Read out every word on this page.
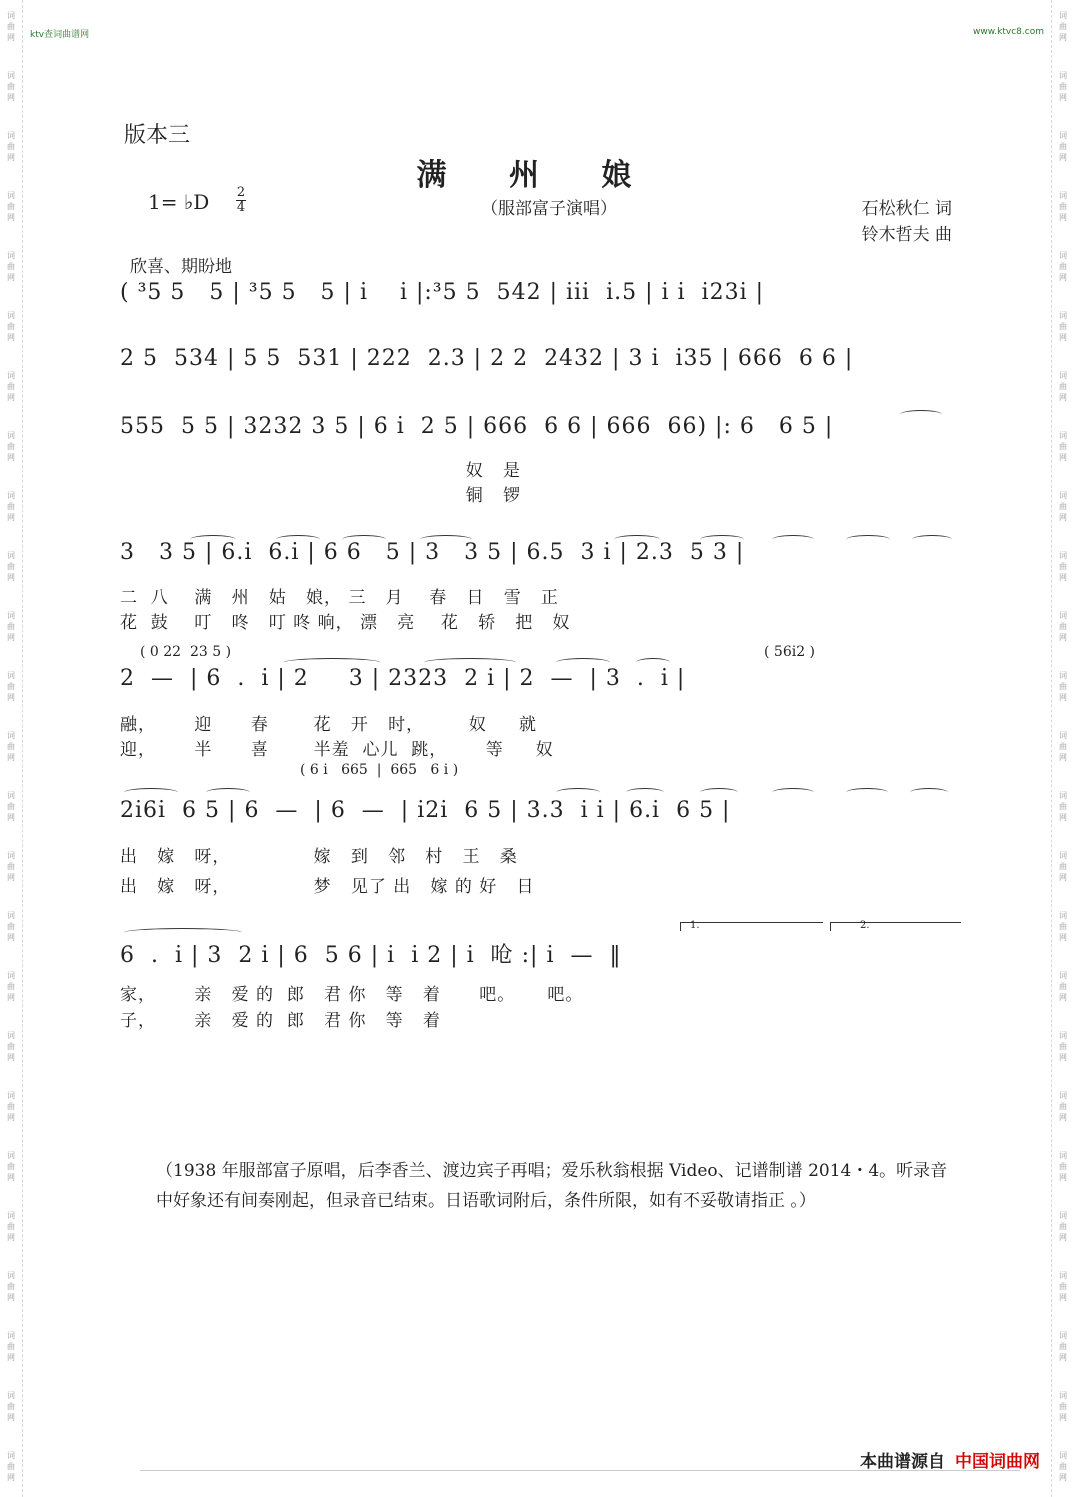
词
曲
网
词
曲
网
词
曲
网
词
曲
网
词
曲
网
词
曲
网
词
曲
网
词
曲
网
词
曲
网
词
曲
网
词
曲
网
词
曲
网
词
曲
网
词
曲
网
词
曲
网
词
曲
网
词
曲
网
词
曲
网
词
曲
网
词
曲
网
词
曲
网
词
曲
网
词
曲
网
词
曲
网
词
曲
网
词
曲
网
词
曲
网
词
曲
网
词
曲
网
词
曲
网
词
曲
网
词
曲
网
词
曲
网
词
曲
网
词
曲
网
词
曲
网
词
曲
网
词
曲
网
词
曲
网
词
曲
网
词
曲
网
词
曲
网
词
曲
网
词
曲
网
词
曲
网
词
曲
网
词
曲
网
词
曲
网
词
曲
网
词
曲
网
ktv查词曲谱网	www.ktvc8.com
版本三
满 州 娘
1= ♭D 2
4	（服部富子演唱）	石松秋仁 词
铃木哲夫 曲
欣喜、期盼地
( ³5 5   5 | ³5 5   5 | i̇    i̇ |:³5 5  542 | i̇i̇i̇  i̇.5 | i̇ i̇  i̇23i̇ |
2 5  534 | 5 5  531 | 222  2.3 | 2 2  2432 | 3 i̇  i̇35 | 666  6 6 |
555  5 5 | 3232 3 5 | 6 i̇  2 5 | 666  6 6 | 666  66) |: 6   6 5 |
奴   是
铜   锣
3   3 5 | 6.i̇  6.i̇ | 6 6   5 | 3   3 5 | 6.5  3 i̇ | 2.3  5 3 |
二  八    满   州   姑   娘， 三   月    春   日   雪   正
花  鼓    叮   咚   叮 咚 响， 漂   亮    花   轿   把   奴
( 0 22  23 5 )	( 56i̇2 )
2  —  | 6  .  i̇ | 2     3 | 2323  2 i̇ | 2  —  | 3  .  i̇ |
融，      迎      春       花   开   时，       奴     就
迎，      半      喜       半羞  心儿  跳，      等     奴
( 6 i̇   665  |  665   6 i̇ )
2i̇6i̇  6 5 | 6  —  | 6  —  | i̇2i̇  6 5 | 3.3  i̇ i̇ | 6.i̇  6 5 |
出   嫁   呀，             嫁   到   邻   村   王   桑
出   嫁   呀，             梦   见了 出   嫁 的 好   日
1.	2.
6  .  i̇ | 3  2 i̇ | 6  5 6 | i̇  i̇ 2 | i̇  呛 :| i̇  —  ‖
家，      亲   爱 的  郎   君 你   等   着      吧。     吧。
子，      亲   爱 的  郎   君 你   等   着
（1938 年服部富子原唱，后李香兰、渡边宾子再唱；爱乐秋翁根据 Video、记谱制谱 2014・4。听录音中好象还有间奏刚起，但录音已结束。日语歌词附后，条件所限，如有不妥敬请指正 。）
本曲谱源自 中国词曲网
